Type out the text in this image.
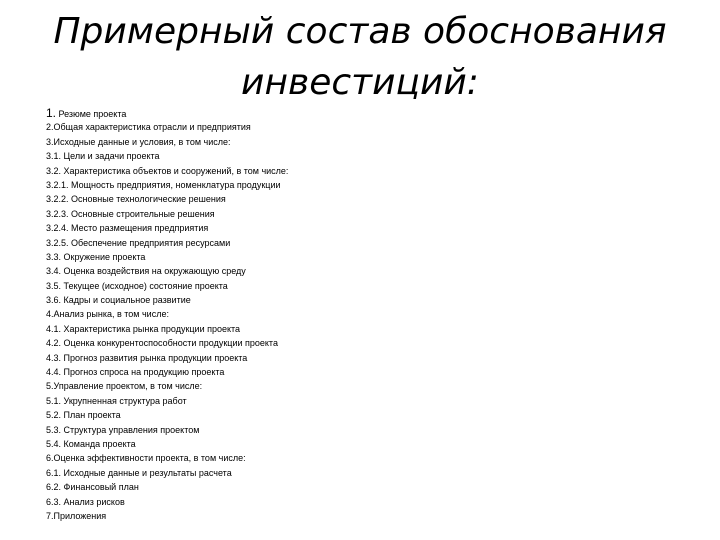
Примерный состав обоснования
инвестиций:
1. Резюме проекта
2.Общая характеристика отрасли и предприятия
3.Исходные данные и условия, в том числе:
3.1. Цели и задачи проекта
3.2. Характеристика объектов и сооружений, в том числе:
3.2.1. Мощность предприятия, номенклатура продукции
3.2.2. Основные технологические решения
3.2.3. Основные строительные решения
3.2.4. Место размещения предприятия
3.2.5. Обеспечение предприятия ресурсами
3.3. Окружение проекта
3.4. Оценка воздействия на окружающую среду
3.5. Текущее (исходное) состояние проекта
3.6. Кадры и социальное развитие
4.Анализ рынка, в том числе:
4.1. Характеристика рынка продукции проекта
4.2. Оценка конкурентоспособности продукции проекта
4.3. Прогноз развития рынка продукции проекта
4.4. Прогноз спроса на продукцию проекта
5.Управление проектом, в том числе:
5.1. Укрупненная структура работ
5.2. План проекта
5.3. Структура управления проектом
5.4. Команда проекта
6.Оценка эффективности проекта, в том числе:
6.1. Исходные данные и результаты расчета
6.2. Финансовый план
6.3. Анализ рисков
7.Приложения
